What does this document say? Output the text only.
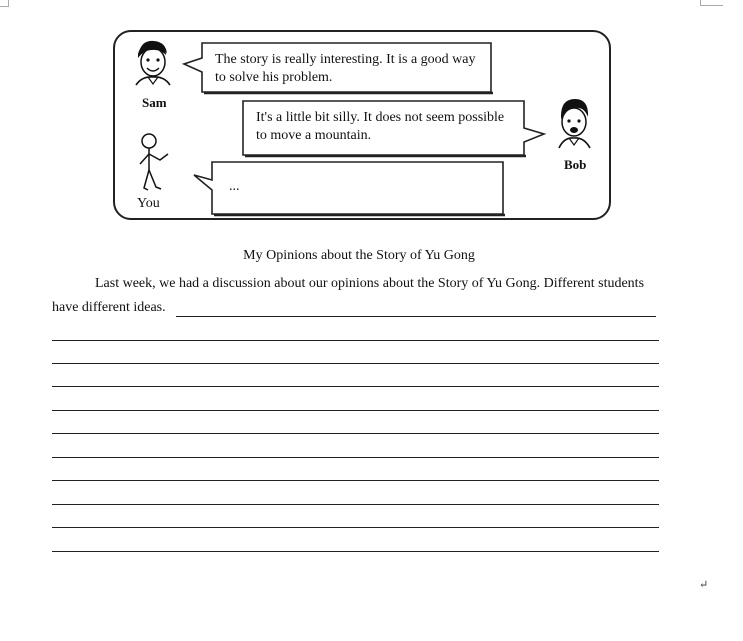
The story is really interesting. It is a good way
to solve his problem.
Sam
It's a little bit silly. It does not seem possible
to move a mountain.
Bob
...
You
My Opinions about the Story of Yu Gong
Last week, we had a discussion about our opinions about the Story of Yu Gong. Different students
have different ideas.
↵
